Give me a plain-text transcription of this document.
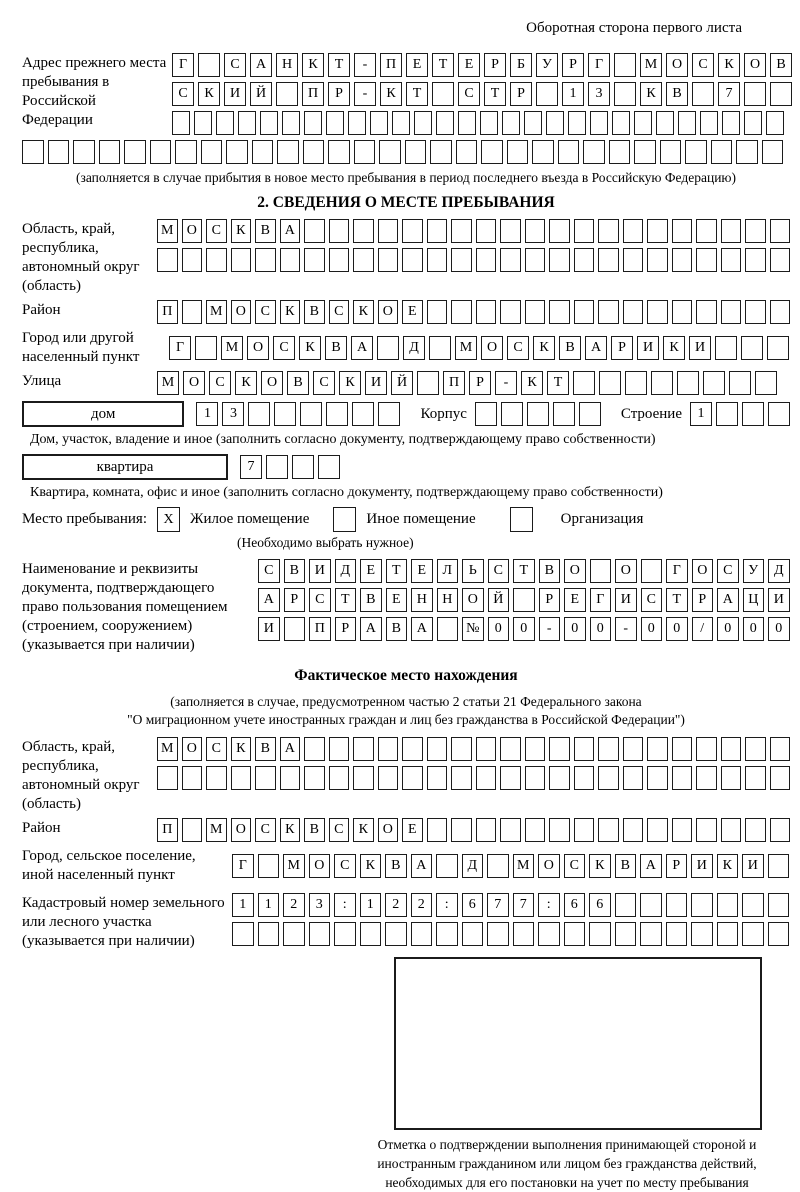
Оборотная сторона первого листа
Адрес прежнего места пребывания в Российской Федерации
Г	С	А	Н	К	Т	-	П	Е	Т	Е	Р	Б	У	Р	Г	М	О	С	К	О	В
С	К	И	Й	П	Р	-	К	Т	С	Т	Р	1	3	К	В	7
(заполняется в случае прибытия в новое место пребывания в период последнего въезда в Российскую Федерацию)
2. СВЕДЕНИЯ О МЕСТЕ ПРЕБЫВАНИЯ
Область, край, республика, автономный округ (область)
М О	С	К	В	А
Район	П	М О	С	К	В	С	К	О	Е
Город или другой населенный пункт
Г	М	О	С	К	В	А	Д	М	О	С	К	В	А	Р	И	К	И
Улица	М	О	С	К	О	В	С	К	И	Й	П	Р	-	К	Т
дом	1	3	Корпус	Строение	1
Дом, участок, владение и иное (заполнить согласно документу, подтверждающему право собственности)
квартира	7
Квартира, комната, офис и иное (заполнить согласно документу, подтверждающему право собственности)
Место пребывания:	X	Жилое помещение	Иное помещение	Организация
(Необходимо выбрать нужное)
Наименование и реквизиты документа, подтверждающего право пользования помещением (строением, сооружением) (указывается при наличии)
С	В	И	Д	Е	Т	Е	Л	Ь	С	Т	В	О	О	Г	О	С	У	Д
А	Р	С	Т	В	Е	Н	Н	О	Й	Р	Е	Г	И	С	Т	Р	А	Ц	И
И	П	Р	А	В	А	№	0	0	-	0	0	-	0	0	/	0	0	0
Фактическое место нахождения
(заполняется в случае, предусмотренном частью 2 статьи 21 Федерального закона
"О миграционном учете иностранных граждан и лиц без гражданства в Российской Федерации")
Область, край, республика, автономный округ (область)
М О	С	К	В	А
Район	П	М О	С	К	В	С	К	О	Е
Город, сельское поселение, иной населенный пункт
Г	М	О	С	К	В	А	Д	М	О	С	К	В	А	Р	И	К	И
Кадастровый номер земельного или лесного участка (указывается при наличии)
1	1	2	3	:	1	2	2	:	6	7	7	:	6	6
Отметка о подтверждении выполнения принимающей стороной и иностранным гражданином или лицом без гражданства действий, необходимых для его постановки на учет по месту пребывания
